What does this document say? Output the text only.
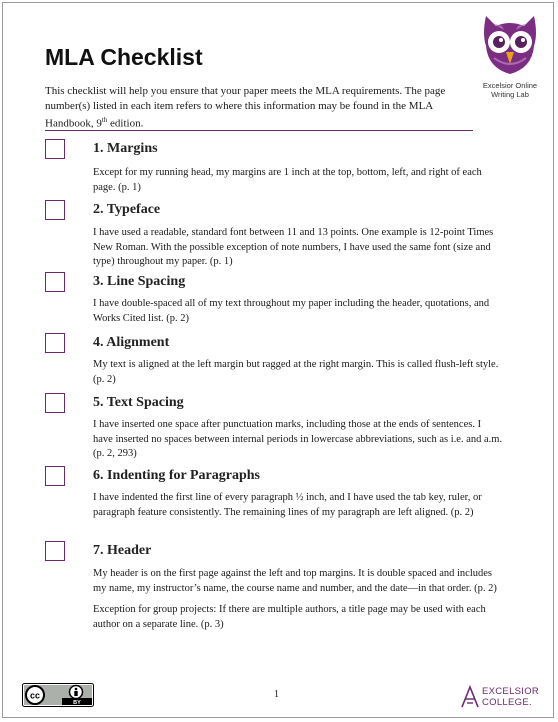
MLA Checklist
This checklist will help you ensure that your paper meets the MLA requirements. The page number(s) listed in each item refers to where this information may be found in the MLA Handbook, 9th edition.
Excelsior Online
Writing Lab
1. Margins

Except for my running head, my margins are 1 inch at the top, bottom, left, and right of each page. (p. 1)

2. Typeface

I have used a readable, standard font between 11 and 13 points. One example is 12-point Times New Roman. With the possible exception of note numbers, I have used the same font (size and type) throughout my paper. (p. 1)

3. Line Spacing

I have double-spaced all of my text throughout my paper including the header, quotations, and Works Cited list. (p. 2)

4. Alignment

My text is aligned at the left margin but ragged at the right margin. This is called flush-left style. (p. 2)

5. Text Spacing

I have inserted one space after punctuation marks, including those at the ends of sentences. I have inserted no spaces between internal periods in lowercase abbreviations, such as i.e. and a.m. (p. 2, 293)

6. Indenting for Paragraphs

I have indented the first line of every paragraph ½ inch, and I have used the tab key, ruler, or paragraph feature consistently. The remaining lines of my paragraph are left aligned. (p. 2)

7. Header

My header is on the first page against the left and top margins. It is double spaced and includes my name, my instructor’s name, the course name and number, and the date—in that order. (p. 2)

Exception for group projects: If there are multiple authors, a title page may be used with each author on a separate line. (p. 3)

cc
BY
1	EXCELSIOR
COLLEGE.
